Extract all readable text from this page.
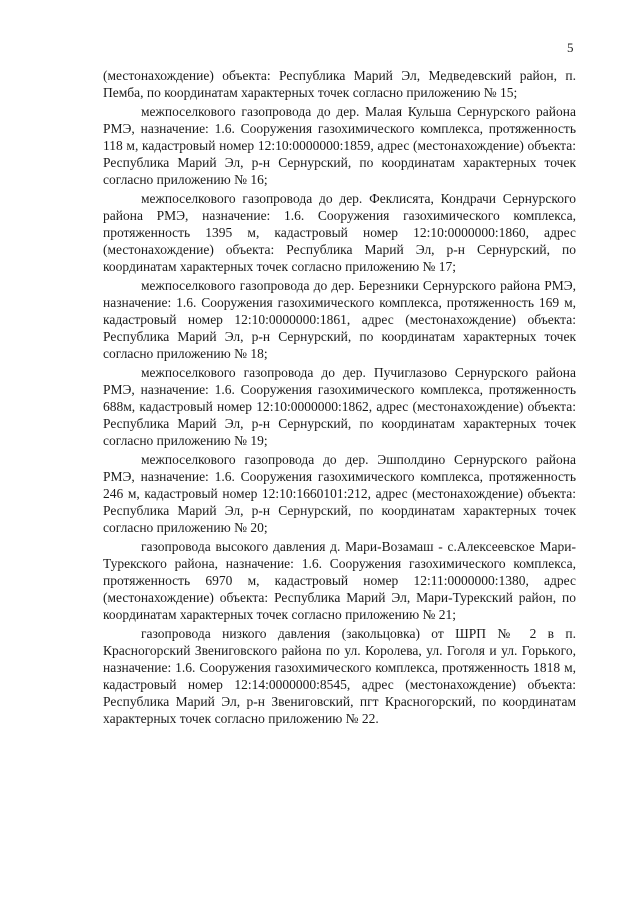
5

(местонахождение) объекта: Республика Марий Эл, Медведевский район, п. Пемба, по координатам характерных точек согласно приложению № 15;

межпоселкового газопровода до дер. Малая Кульша Сернурского района РМЭ, назначение: 1.6. Сооружения газохимического комплекса, протяженность 118 м, кадастровый номер 12:10:0000000:1859, адрес (местонахождение) объекта: Республика Марий Эл, р-н Сернурский, по координатам характерных точек согласно приложению № 16;

межпоселкового газопровода до дер. Феклисята, Кондрачи Сернурского района РМЭ, назначение: 1.6. Сооружения газохимического комплекса, протяженность 1395 м, кадастровый номер 12:10:0000000:1860, адрес (местонахождение) объекта: Республика Марий Эл, р-н Сернурский, по координатам характерных точек согласно приложению № 17;

межпоселкового газопровода до дер. Березники Сернурского района РМЭ, назначение: 1.6. Сооружения газохимического комплекса, протяженность 169 м, кадастровый номер 12:10:0000000:1861, адрес (местонахождение) объекта: Республика Марий Эл, р-н Сернурский, по координатам характерных точек согласно приложению № 18;

межпоселкового газопровода до дер. Пучиглазово Сернурского района РМЭ, назначение: 1.6. Сооружения газохимического комплекса, протяженность 688м, кадастровый номер 12:10:0000000:1862, адрес (местонахождение) объекта: Республика Марий Эл, р-н Сернурский, по координатам характерных точек согласно приложению № 19;

межпоселкового газопровода до дер. Эшполдино Сернурского района РМЭ, назначение: 1.6. Сооружения газохимического комплекса, протяженность 246 м, кадастровый номер 12:10:1660101:212, адрес (местонахождение) объекта: Республика Марий Эл, р-н Сернурский, по координатам характерных точек согласно приложению № 20;

газопровода высокого давления д. Мари-Возамаш - с.Алексеевское Мари-Турекского района, назначение: 1.6. Сооружения газохимического комплекса, протяженность 6970 м, кадастровый номер 12:11:0000000:1380, адрес (местонахождение) объекта: Республика Марий Эл, Мари-Турекский район, по координатам характерных точек согласно приложению № 21;

газопровода низкого давления (закольцовка) от ШРП № 2 в п. Красногорский Звениговского района по ул. Королева, ул. Гоголя и ул. Горького, назначение: 1.6. Сооружения газохимического комплекса, протяженность 1818 м, кадастровый номер 12:14:0000000:8545, адрес (местонахождение) объекта: Республика Марий Эл, р-н Звениговский, пгт Красногорский, по координатам характерных точек согласно приложению № 22.
